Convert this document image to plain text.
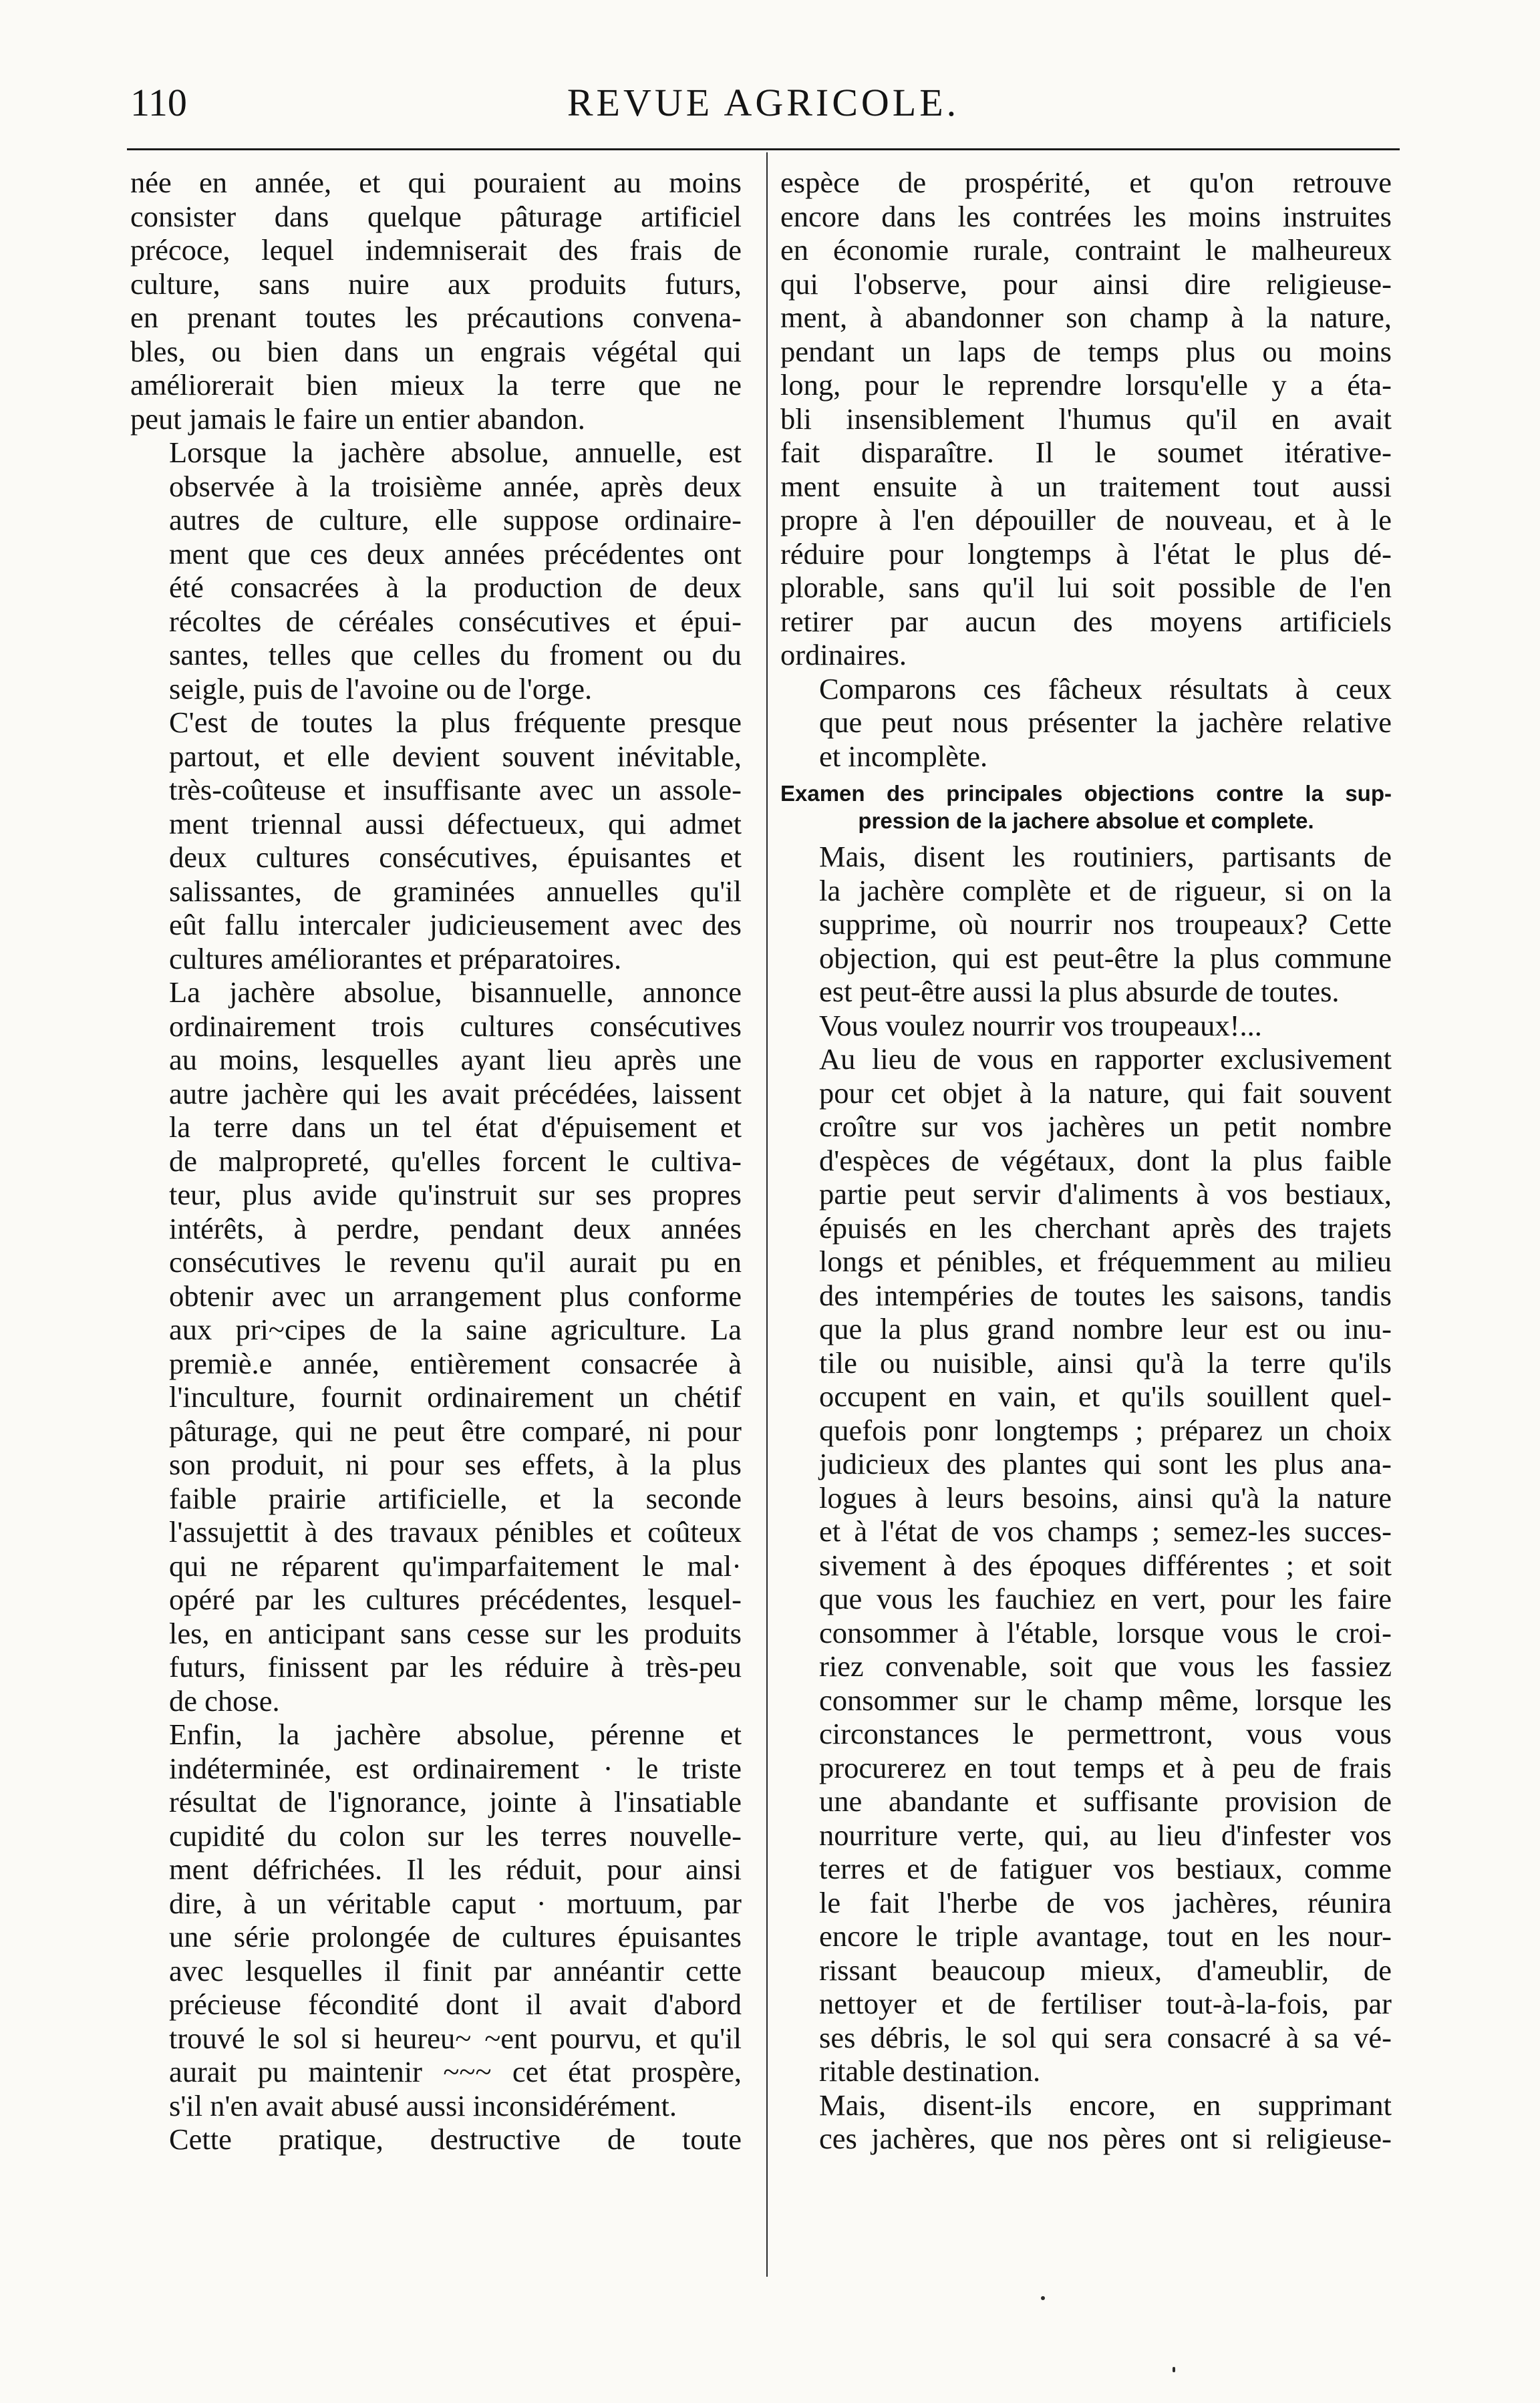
110	REVUE AGRICOLE.

née en année, et qui pouraient au moins
consister dans quelque pâturage artificiel
précoce, lequel indemniserait des frais de
culture, sans nuire aux produits futurs,
en prenant toutes les précautions convena-
bles, ou bien dans un engrais végétal qui
améliorerait bien mieux la terre que ne
peut jamais le faire un entier abandon.

Lorsque la jachère absolue, annuelle, est
observée à la troisième année, après deux
autres de culture, elle suppose ordinaire-
ment que ces deux années précédentes ont
été consacrées à la production de deux
récoltes de céréales consécutives et épui-
santes, telles que celles du froment ou du
seigle, puis de l'avoine ou de l'orge.

C'est de toutes la plus fréquente presque
partout, et elle devient souvent inévitable,
très-coûteuse et insuffisante avec un assole-
ment triennal aussi défectueux, qui admet
deux cultures consécutives, épuisantes et
salissantes, de graminées annuelles qu'il
eût fallu intercaler judicieusement avec des
cultures améliorantes et préparatoires.

La jachère absolue, bisannuelle, annonce
ordinairement trois cultures consécutives
au moins, lesquelles ayant lieu après une
autre jachère qui les avait précédées, laissent
la terre dans un tel état d'épuisement et
de malpropreté, qu'elles forcent le cultiva-
teur, plus avide qu'instruit sur ses propres
intérêts, à perdre, pendant deux années
consécutives le revenu qu'il aurait pu en
obtenir avec un arrangement plus conforme
aux pri~cipes de la saine agriculture. La
premiè.e année, entièrement consacrée à
l'inculture, fournit ordinairement un chétif
pâturage, qui ne peut être comparé, ni pour
son produit, ni pour ses effets, à la plus
faible prairie artificielle, et la seconde
l'assujettit à des travaux pénibles et coûteux
qui ne réparent qu'imparfaitement le mal·
opéré par les cultures précédentes, lesquel-
les, en anticipant sans cesse sur les produits
futurs, finissent par les réduire à très-peu
de chose.

Enfin, la jachère absolue, pérenne et
indéterminée, est ordinairement · le triste
résultat de l'ignorance, jointe à l'insatiable
cupidité du colon sur les terres nouvelle-
ment défrichées. Il les réduit, pour ainsi
dire, à un véritable caput · mortuum, par
une série prolongée de cultures épuisantes
avec lesquelles il finit par annéantir cette
précieuse fécondité dont il avait d'abord
trouvé le sol si heureu~ ~ent pourvu, et qu'il
aurait pu maintenir ~~~ cet état prospère,
s'il n'en avait abusé aussi inconsidérément.

Cette pratique, destructive de toute

espèce de prospérité, et qu'on retrouve
encore dans les contrées les moins instruites
en économie rurale, contraint le malheureux
qui l'observe, pour ainsi dire religieuse-
ment, à abandonner son champ à la nature,
pendant un laps de temps plus ou moins
long, pour le reprendre lorsqu'elle y a éta-
bli insensiblement l'humus qu'il en avait
fait disparaître. Il le soumet itérative-
ment ensuite à un traitement tout aussi
propre à l'en dépouiller de nouveau, et à le
réduire pour longtemps à l'état le plus dé-
plorable, sans qu'il lui soit possible de l'en
retirer par aucun des moyens artificiels
ordinaires.

Comparons ces fâcheux résultats à ceux
que peut nous présenter la jachère relative
et incomplète.

Examen des principales objections contre la sup-
pression de la jachere absolue et complete.

Mais, disent les routiniers, partisants de
la jachère complète et de rigueur, si on la
supprime, où nourrir nos troupeaux? Cette
objection, qui est peut-être la plus commune
est peut-être aussi la plus absurde de toutes.

Vous voulez nourrir vos troupeaux!...
Au lieu de vous en rapporter exclusivement
pour cet objet à la nature, qui fait souvent
croître sur vos jachères un petit nombre
d'espèces de végétaux, dont la plus faible
partie peut servir d'aliments à vos bestiaux,
épuisés en les cherchant après des trajets
longs et pénibles, et fréquemment au milieu
des intempéries de toutes les saisons, tandis
que la plus grand nombre leur est ou inu-
tile ou nuisible, ainsi qu'à la terre qu'ils
occupent en vain, et qu'ils souillent quel-
quefois ponr longtemps ; préparez un choix
judicieux des plantes qui sont les plus ana-
logues à leurs besoins, ainsi qu'à la nature
et à l'état de vos champs ; semez-les succes-
sivement à des époques différentes ; et soit
que vous les fauchiez en vert, pour les faire
consommer à l'étable, lorsque vous le croi-
riez convenable, soit que vous les fassiez
consommer sur le champ même, lorsque les
circonstances le permettront, vous vous
procurerez en tout temps et à peu de frais
une abandante et suffisante provision de
nourriture verte, qui, au lieu d'infester vos
terres et de fatiguer vos bestiaux, comme
le fait l'herbe de vos jachères, réunira
encore le triple avantage, tout en les nour-
rissant beaucoup mieux, d'ameublir, de
nettoyer et de fertiliser tout-à-la-fois, par
ses débris, le sol qui sera consacré à sa vé-
ritable destination.

Mais, disent-ils encore, en supprimant
ces jachères, que nos pères ont si religieuse-
